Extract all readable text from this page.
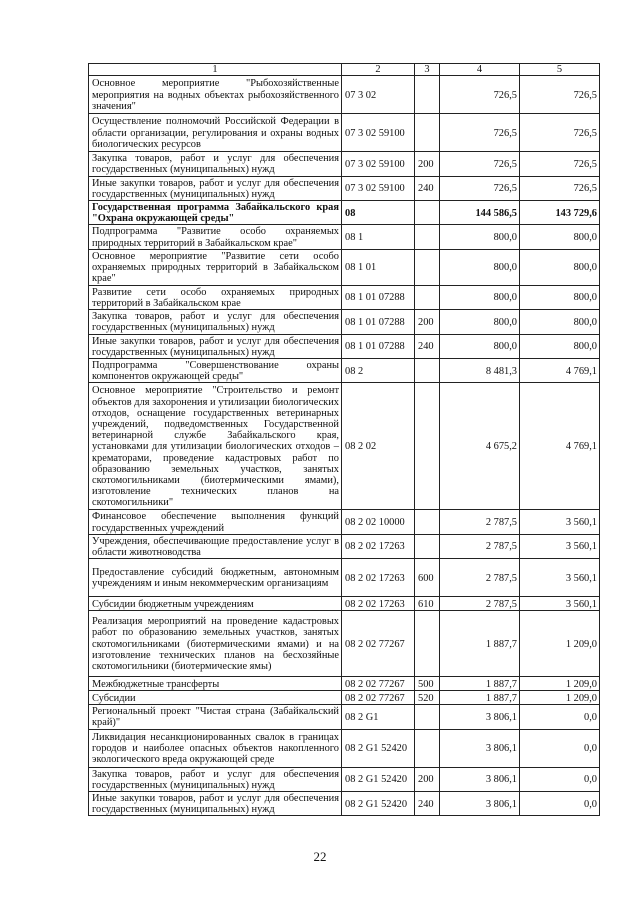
1	2	3	4	5
Основное мероприятие "Рыбохозяйственные мероприятия на водных объектах рыбохозяйственного значения"	07 3 02		726,5	726,5
Осуществление полномочий Российской Федерации в области организации, регулирования и охраны водных биологических ресурсов	07 3 02 59100		726,5	726,5
Закупка товаров, работ и услуг для обеспечения государственных (муниципальных) нужд	07 3 02 59100	200	726,5	726,5
Иные закупки товаров, работ и услуг для обеспечения государственных (муниципальных) нужд	07 3 02 59100	240	726,5	726,5
Государственная программа Забайкальского края "Охрана окружающей среды"	08		144 586,5	143 729,6
Подпрограмма "Развитие особо охраняемых природных территорий в Забайкальском крае"	08 1		800,0	800,0
Основное мероприятие "Развитие сети особо охраняемых природных территорий в Забайкальском крае"	08 1 01		800,0	800,0
Развитие сети особо охраняемых природных территорий в Забайкальском крае	08 1 01 07288		800,0	800,0
Закупка товаров, работ и услуг для обеспечения государственных (муниципальных) нужд	08 1 01 07288	200	800,0	800,0
Иные закупки товаров, работ и услуг для обеспечения государственных (муниципальных) нужд	08 1 01 07288	240	800,0	800,0
Подпрограмма "Совершенствование охраны компонентов окружающей среды"	08 2		8 481,3	4 769,1
Основное мероприятие "Строительство и ремонт объектов для захоронения и утилизации биологических отходов, оснащение государственных ветеринарных учреждений, подведомственных Государственной ветеринарной службе Забайкальского края, установками для утилизации биологических отходов – крематорами, проведение кадастровых работ по образованию земельных участков, занятых скотомогильниками (биотермическими ямами), изготовление технических планов на скотомогильники"	08 2 02		4 675,2	4 769,1
Финансовое обеспечение выполнения функций государственных учреждений	08 2 02 10000		2 787,5	3 560,1
Учреждения, обеспечивающие предоставление услуг в области животноводства	08 2 02 17263		2 787,5	3 560,1
Предоставление субсидий бюджетным, автономным учреждениям и иным некоммерческим организациям	08 2 02 17263	600	2 787,5	3 560,1
Субсидии бюджетным учреждениям	08 2 02 17263	610	2 787,5	3 560,1
Реализация мероприятий на проведение кадастровых работ по образованию земельных участков, занятых скотомогильниками (биотермическими ямами) и на изготовление технических планов на бесхозяйные скотомогильники (биотермические ямы)	08 2 02 77267		1 887,7	1 209,0
Межбюджетные трансферты	08 2 02 77267	500	1 887,7	1 209,0
Субсидии	08 2 02 77267	520	1 887,7	1 209,0
Региональный проект "Чистая страна (Забайкальский край)"	08 2 G1		3 806,1	0,0
Ликвидация несанкционированных свалок в границах городов и наиболее опасных объектов накопленного экологического вреда окружающей среде	08 2 G1 52420		3 806,1	0,0
Закупка товаров, работ и услуг для обеспечения государственных (муниципальных) нужд	08 2 G1 52420	200	3 806,1	0,0
Иные закупки товаров, работ и услуг для обеспечения государственных (муниципальных) нужд	08 2 G1 52420	240	3 806,1	0,0
22
